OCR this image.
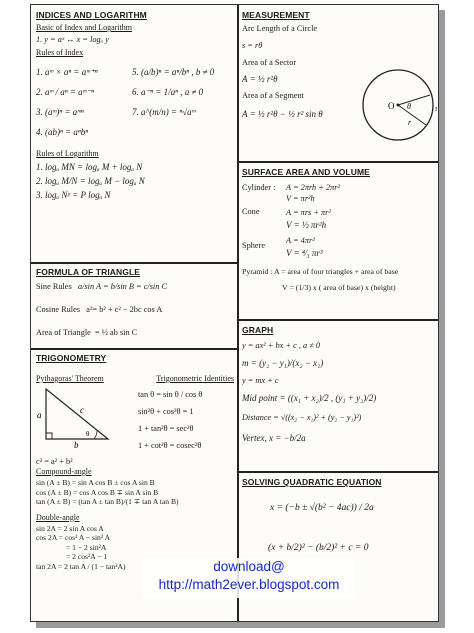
INDICES AND LOGARITHM
Basic of Index and Logarithm
1. y = aˣ ↔ x = logₐ y
Rules of Index
1. aᵐ × aⁿ = aᵐ⁺ⁿ
2. aᵐ / aⁿ = aᵐ⁻ⁿ
3. (aᵐ)ⁿ = aᵐⁿ
4. (ab)ⁿ = aⁿbⁿ
5. (a/b)ⁿ = aⁿ/bⁿ , b ≠ 0
6. a⁻ⁿ = 1/aⁿ , a ≠ 0
7. a^(m/n) = ⁿ√aᵐ
Rules of Logarithm
1. logₐ MN = logₐ M + logₐ N
2. logₐ M/N = logₐ M − logₐ N
3. logₐ Nᵖ = P logₐ N
FORMULA OF TRIANGLE
Sine Rules a/sin A = b/sin B = c/sin C
Cosine Rules a²= b² + c² − 2bc cos A
Area of Triangle = ½ ab sin C
TRIGONOMETRY
Pythagoras' Theorem	Trigonometric Identities
a	c
b
θ
c² = a² + b²
tan θ = sin θ / cos θ
sin²θ + cos²θ = 1
1 + tan²θ = sec²θ
1 + cot²θ = cosec²θ
Compound-angle
sin (A ± B) = sin A cos B ± cos A sin B
cos (A ± B) = cos A cos B ∓ sin A sin B
tan (A ± B) = (tan A ± tan B)/(1 ∓ tan A tan B)
Double-angle
sin 2A = 2 sin A cos A
cos 2A = cos² A − sin² A
= 1 − 2 sin²A
= 2 cos²A − 1
tan 2A = 2 tan A / (1 − tan²A)
MEASUREMENT
Arc Length of a Circle
s = rθ
Area of a Sector
A = ½ r²θ
Area of a Segment
A = ½ r²θ − ½ r² sin θ
O θ
r
s
SURFACE AREA AND VOLUME
Cylinder :
Cone
Sphere
A = 2πrh + 2πr²
V = πr²h
A = πrs + πr²
V = ⅓ πr²h
A = 4πr²
V = ⁴⁄₃ πr³
Pyramid : A = area of four triangles + area of base
V = (1/3) x ( area of base) x (height)
GRAPH
y = ax² + bx + c , a ≠ 0
m = (y₂ − y₁)/(x₂ − x₁)
y = mx + c
Mid point = ((x₁ + x₂)/2 , (y₁ + y₂)/2)
Distance = √((x₂ − x₁)² + (y₂ − y₁)²)
Vertex, x = −b/2a
SOLVING QUADRATIC EQUATION
x = (−b ± √(b² − 4ac)) / 2a
(x + b/2)² − (b/2)² + c = 0
download@
http://math2ever.blogspot.com
